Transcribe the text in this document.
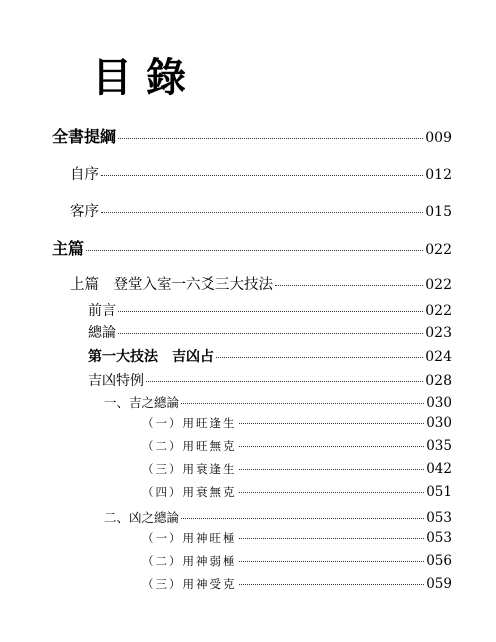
目錄
全書提綱	009
自序	012
客序	015
主篇	022
上篇　登堂入室一六爻三大技法	022
前言	022
總論	023
第一大技法　吉凶占	024
吉凶特例	028
一、吉之總論	030
（一）用旺逢生	030
（二）用旺無克	035
（三）用衰逢生	042
（四）用衰無克	051
二、凶之總論	053
（一）用神旺極	053
（二）用神弱極	056
（三）用神受克	059
